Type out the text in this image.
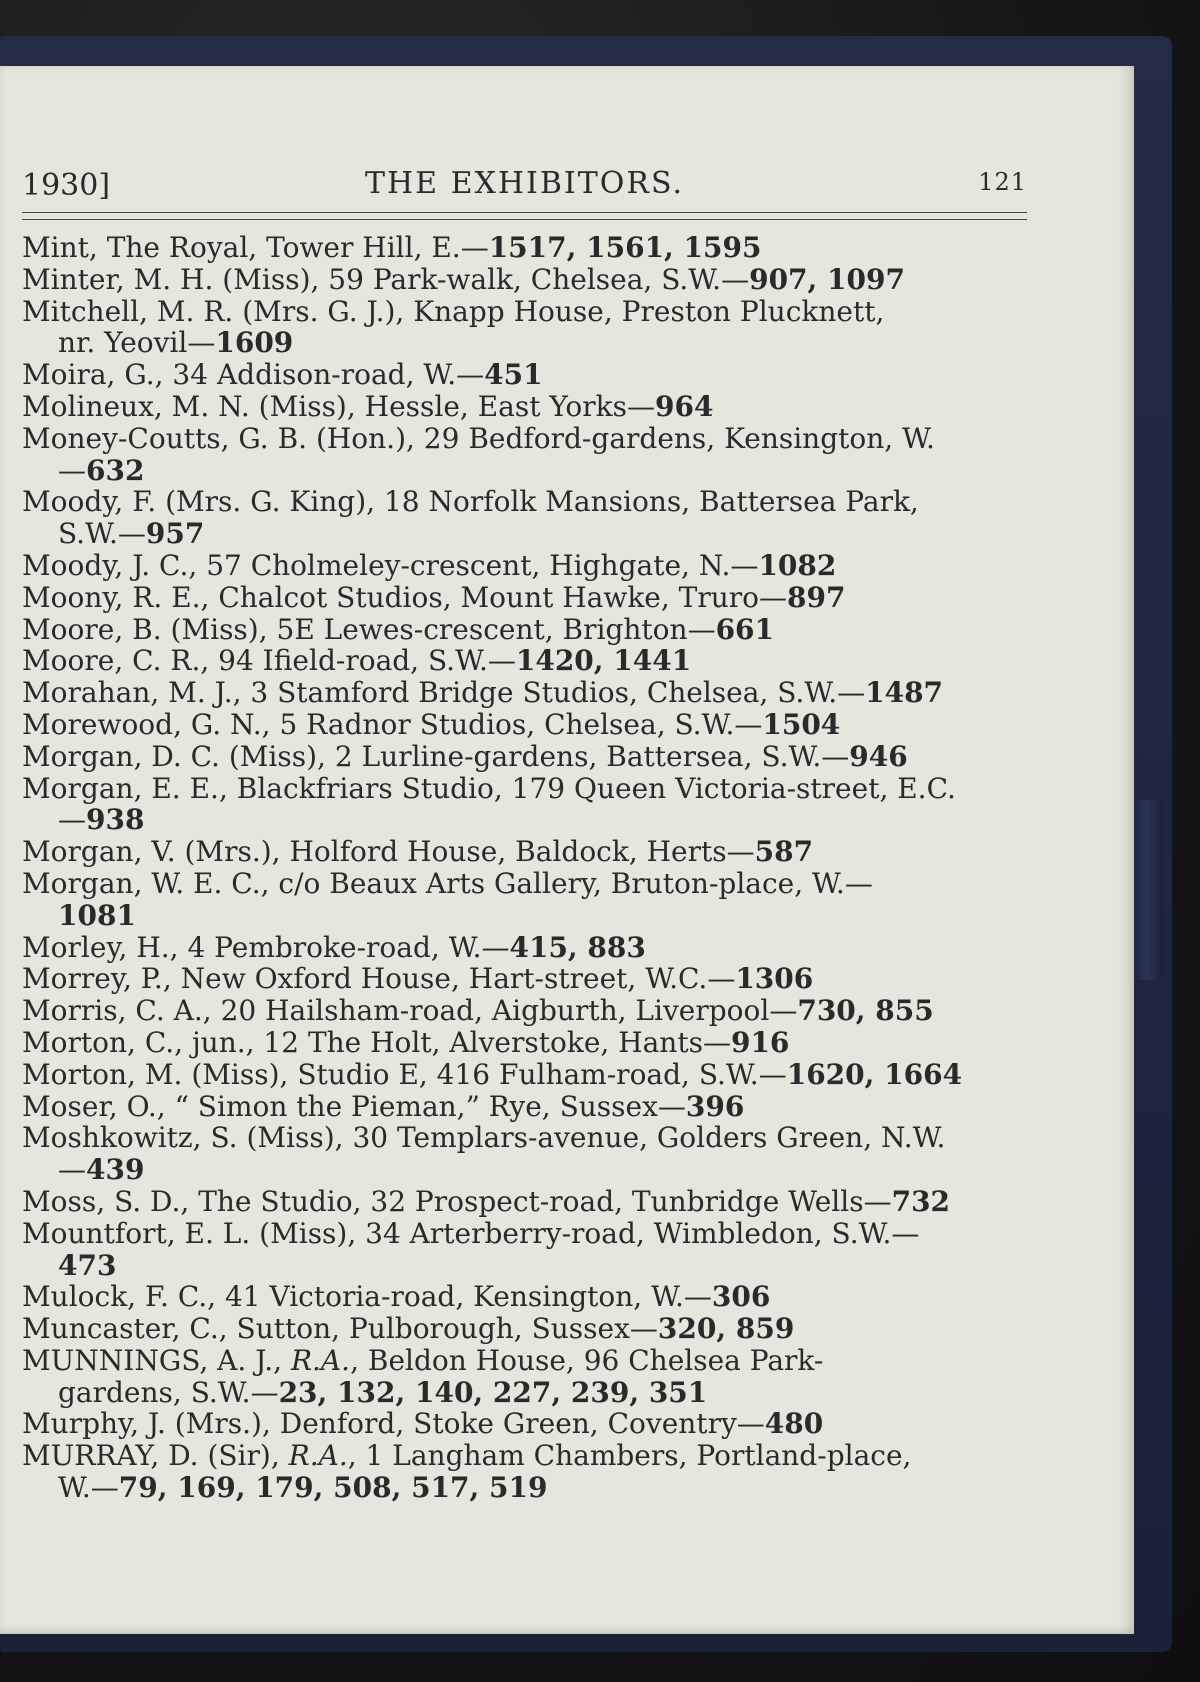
1930]	THE EXHIBITORS.	121
Mint, The Royal, Tower Hill, E.—1517, 1561, 1595
Minter, M. H. (Miss), 59 Park-walk, Chelsea, S.W.—907, 1097
Mitchell, M. R. (Mrs. G. J.), Knapp House, Preston Plucknett,
nr. Yeovil—1609
Moira, G., 34 Addison-road, W.—451
Molineux, M. N. (Miss), Hessle, East Yorks—964
Money-Coutts, G. B. (Hon.), 29 Bedford-gardens, Kensington, W.
—632
Moody, F. (Mrs. G. King), 18 Norfolk Mansions, Battersea Park,
S.W.—957
Moody, J. C., 57 Cholmeley-crescent, Highgate, N.—1082
Moony, R. E., Chalcot Studios, Mount Hawke, Truro—897
Moore, B. (Miss), 5E Lewes-crescent, Brighton—661
Moore, C. R., 94 Ifield-road, S.W.—1420, 1441
Morahan, M. J., 3 Stamford Bridge Studios, Chelsea, S.W.—1487
Morewood, G. N., 5 Radnor Studios, Chelsea, S.W.—1504
Morgan, D. C. (Miss), 2 Lurline-gardens, Battersea, S.W.—946
Morgan, E. E., Blackfriars Studio, 179 Queen Victoria-street, E.C.
—938
Morgan, V. (Mrs.), Holford House, Baldock, Herts—587
Morgan, W. E. C., c/o Beaux Arts Gallery, Bruton-place, W.—
1081
Morley, H., 4 Pembroke-road, W.—415, 883
Morrey, P., New Oxford House, Hart-street, W.C.—1306
Morris, C. A., 20 Hailsham-road, Aigburth, Liverpool—730, 855
Morton, C., jun., 12 The Holt, Alverstoke, Hants—916
Morton, M. (Miss), Studio E, 416 Fulham-road, S.W.—1620, 1664
Moser, O., “ Simon the Pieman,” Rye, Sussex—396
Moshkowitz, S. (Miss), 30 Templars-avenue, Golders Green, N.W.
—439
Moss, S. D., The Studio, 32 Prospect-road, Tunbridge Wells—732
Mountfort, E. L. (Miss), 34 Arterberry-road, Wimbledon, S.W.—
473
Mulock, F. C., 41 Victoria-road, Kensington, W.—306
Muncaster, C., Sutton, Pulborough, Sussex—320, 859
MUNNINGS, A. J., R.A., Beldon House, 96 Chelsea Park-
gardens, S.W.—23, 132, 140, 227, 239, 351
Murphy, J. (Mrs.), Denford, Stoke Green, Coventry—480
MURRAY, D. (Sir), R.A., 1 Langham Chambers, Portland-place,
W.—79, 169, 179, 508, 517, 519
